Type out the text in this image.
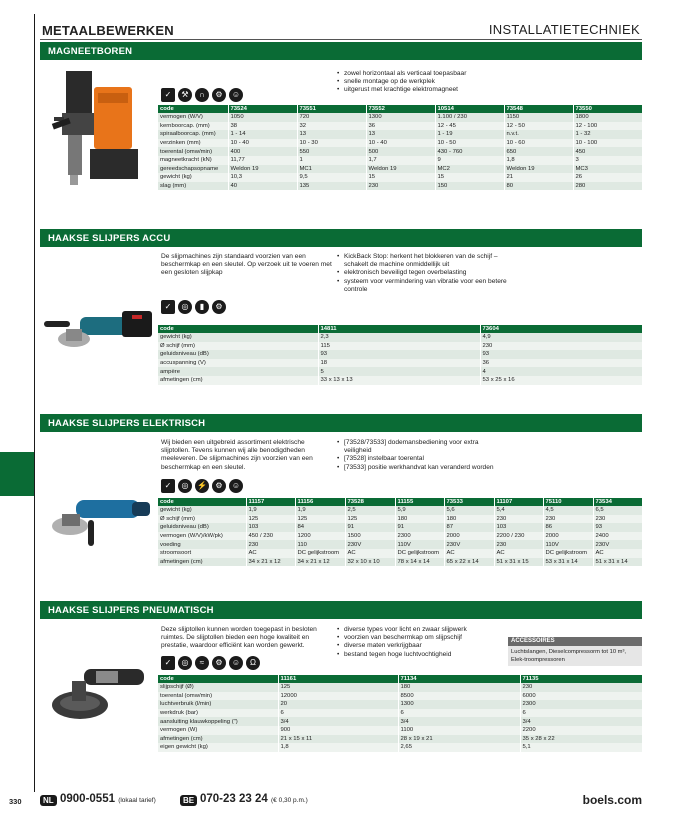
METAALBEWERKEN	INSTALLATIETECHNIEK
MAGNEETBOREN
✓	⚒	∩	⚙	☺
• zowel horizontaal als verticaal toepasbaar
• snelle montage op de werkplek
• uitgerust met krachtige elektromagneet
code	73524	73551	73552	10514	73548	73550
vermogen (W/V)	1050	720	1300	1.100 / 230	1150	1800
kernboorcap. (mm)	38	32	36	12 - 45	12 - 50	12 - 100
spiraalboorcap. (mm)	1 - 14	13	13	1 - 19	n.v.t.	1 - 32
verzinken (mm)	10 - 40	10 - 30	10 - 40	10 - 50	10 - 60	10 - 100
toerental (omw/min)	400	550	500	430 - 760	650	450
magneetkracht (kN)	11,77	1	1,7	9	1,8	3
gereedschapsopname	Weldon 19	MC1	Weldon 19	MC2	Weldon 19	MC3
gewicht (kg)	10,3	9,5	15	15	21	26
slag (mm)	40	135	230	150	80	280
HAAKSE SLIJPERS ACCU
✓	◎	▮	⚙
De slijpmachines zijn standaard voorzien van een beschermkap en een sleutel. Op verzoek uit te voeren met een gesloten slijpkap
• KickBack Stop: herkent het blokkeren van de schijf – schakelt de machine onmiddellijk uit
• elektronisch beveiligd tegen overbelasting
• systeem voor vermindering van vibratie voor een betere controle
code	14811	73604
gewicht (kg)	2,3	4,9
Ø schijf (mm)	115	230
geluidsniveau (dB)	93	93
accuspanning (V)	18	36
ampère	5	4
afmetingen (cm)	33 x 13 x 13	53 x 25 x 16
HAAKSE SLIJPERS ELEKTRISCH
Wij bieden een uitgebreid assortiment elektrische slijptollen. Tevens kunnen wij alle benodigdheden meeleveren. De slijpmachines zijn voorzien van een beschermkap en een sleutel.
✓	◎	⚡	⚙	☺
• [73528/73533] dodemansbediening voor extra veiligheid
• [73528] instelbaar toerental
• [73533] positie werkhandvat kan veranderd worden
code	11157	11156	73528	11155	73533	11107	75110	73534
gewicht (kg)	1,9	1,9	2,5	5,9	5,6	5,4	4,5	6,5
Ø schijf (mm)	125	125	125	180	180	230	230	230
geluidsniveau (dB)	103	84	91	91	87	103	86	93
vermogen (W/V)/kW/pk)	450 / 230	1200	1500	2300	2000	2200 / 230	2000	2400
voeding	230	110	230V	110V	230V	230	110V	230V
stroomsoort	AC	DC gelijkstroom	AC	DC gelijkstroom	AC	AC	DC gelijkstroom	AC
afmetingen (cm)	34 x 21 x 12	34 x 21 x 12	32 x 10 x 10	78 x 14 x 14	65 x 22 x 14	51 x 31 x 15	53 x 31 x 14	51 x 31 x 14
HAAKSE SLIJPERS PNEUMATISCH
Deze slijptollen kunnen worden toegepast in besloten ruimtes. De slijptollen bieden een hoge kwaliteit en prestatie, waardoor efficiënt kan worden gewerkt.
✓	◎	≈	⚙	☺	Ω
• diverse types voor licht en zwaar slijpwerk
• voorzien van beschermkap om slijpschijf
• diverse maten verkrijgbaar
• bestand tegen hoge luchtvochtigheid
ACCESSOIRES
Luchtslangen, Dieselcompressorm tot 10 m³, Elek-troompressoren
code	11161	71134	71135
slijpschijf (Ø)	125	180	230
toerental (omw/min)	12000	8500	6000
luchtverbruik (l/min)	20	1300	2300
werkdruk (bar)	6	6	6
aansluiting klauwkoppeling (")	3/4	3/4	3/4
vermogen (W)	900	1100	2200
afmetingen (cm)	21 x 15 x 11	28 x 19 x 21	35 x 28 x 22
eigen gewicht (kg)	1,8	2,65	5,1
330	NL 0900-0551 (lokaal tarief)	BE 070-23 23 24 (€ 0,30 p.m.)	boels.com
